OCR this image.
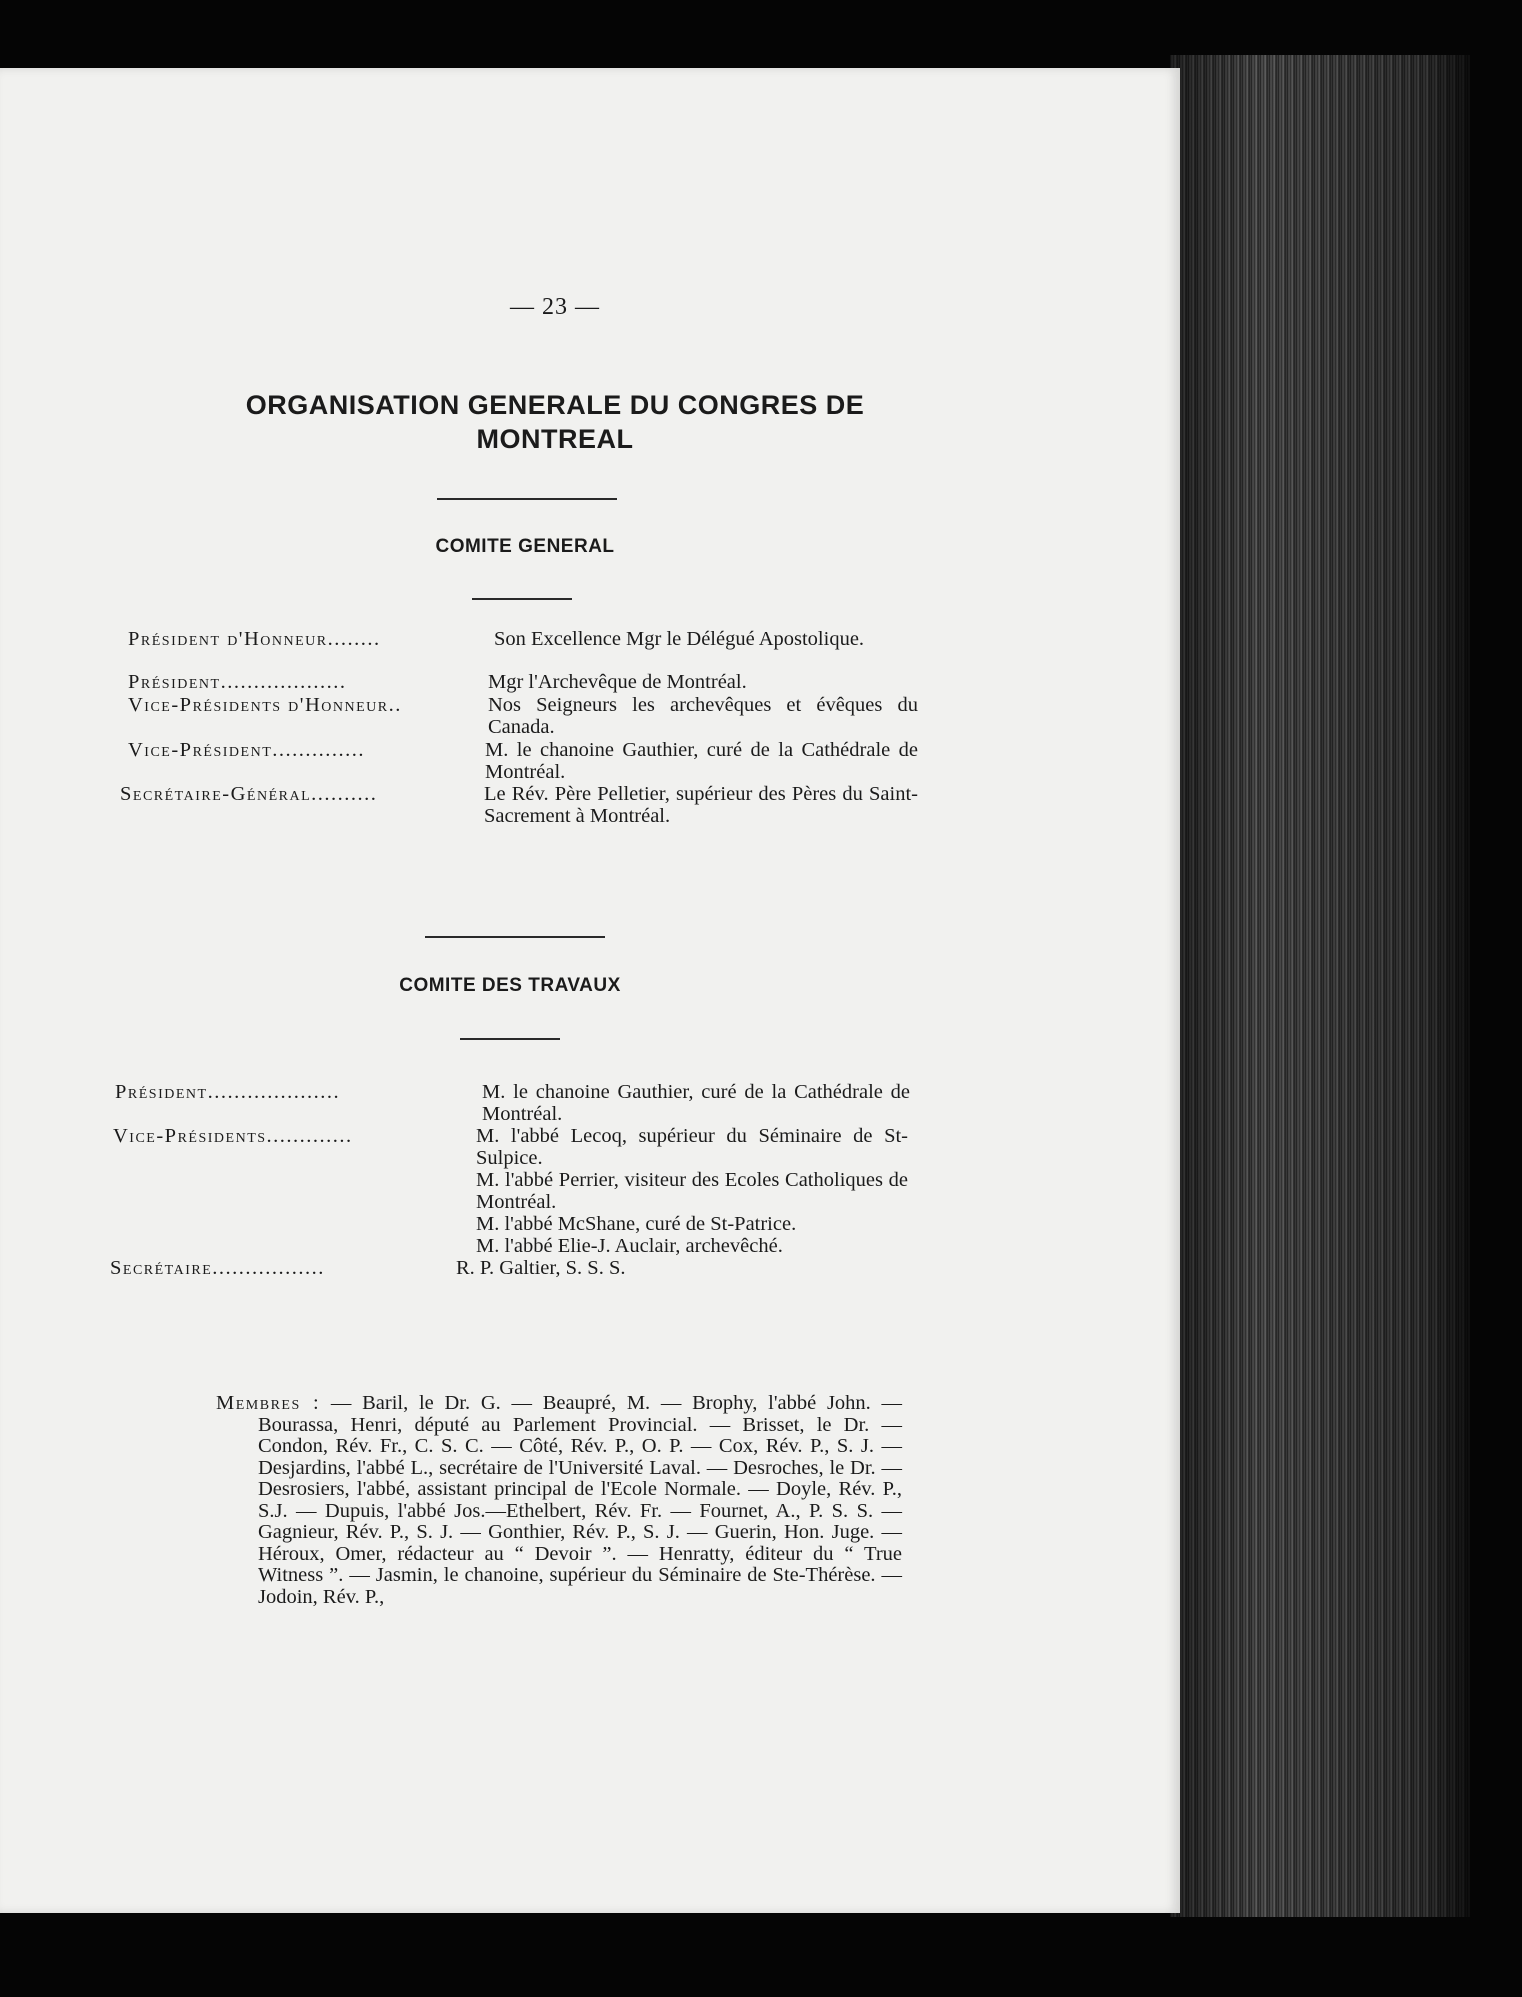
— 23 —
ORGANISATION GENERALE DU CONGRES DE
MONTREAL
COMITE GENERAL
Président d'Honneur........	Son Excellence Mgr le Délégué Apostolique.
Président...................	Mgr l'Archevêque de Montréal.
Vice-Présidents d'Honneur..	Nos Seigneurs les archevêques et évêques du Canada.
Vice-Président..............	M. le chanoine Gauthier, curé de la Cathédrale de Montréal.
Secrétaire-Général..........	Le Rév. Père Pelletier, supérieur des Pères du Saint-Sacrement à Montréal.
COMITE DES TRAVAUX
Président....................	M. le chanoine Gauthier, curé de la Cathédrale de Montréal.
Vice-Présidents.............	M. l'abbé Lecoq, supérieur du Séminaire de St-Sulpice.
M. l'abbé Perrier, visiteur des Ecoles Catholiques de Montréal.
M. l'abbé McShane, curé de St-Patrice.
M. l'abbé Elie-J. Auclair, archevêché.
Secrétaire.................	R. P. Galtier, S. S. S.
Membres : — Baril, le Dr. G. — Beaupré, M. — Brophy, l'abbé John. — Bourassa, Henri, député au Parlement Provincial. — Brisset, le Dr. — Condon, Rév. Fr., C. S. C. — Côté, Rév. P., O. P. — Cox, Rév. P., S. J. — Desjardins, l'abbé L., secrétaire de l'Université Laval. — Desroches, le Dr. — Desrosiers, l'abbé, assistant principal de l'Ecole Normale. — Doyle, Rév. P., S.J. — Dupuis, l'abbé Jos.—Ethelbert, Rév. Fr. — Fournet, A., P. S. S. — Gagnieur, Rév. P., S. J. — Gonthier, Rév. P., S. J. — Guerin, Hon. Juge. — Héroux, Omer, rédacteur au “ Devoir ”. — Henratty, éditeur du “ True Witness ”. — Jasmin, le chanoine, supérieur du Séminaire de Ste-Thérèse. — Jodoin, Rév. P.,
